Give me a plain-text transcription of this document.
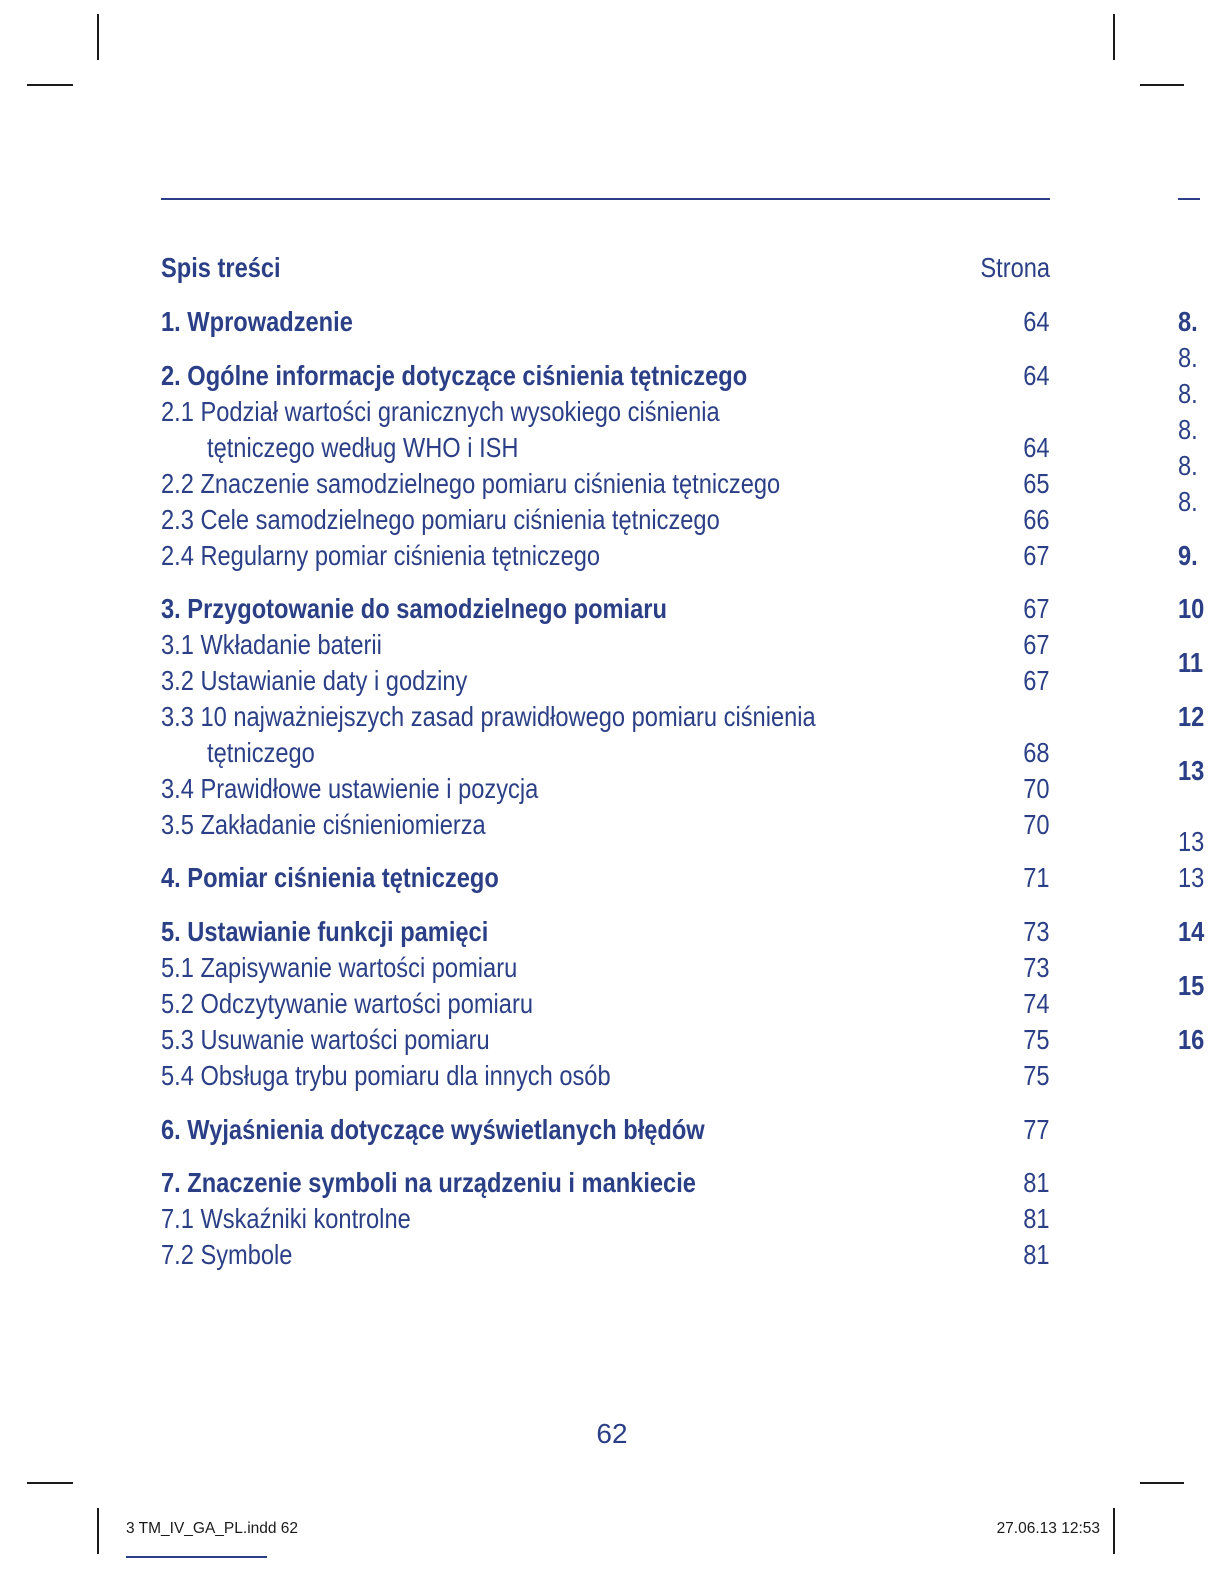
Spis treści	Strona
1. Wprowadzenie	64
2. Ogólne informacje dotyczące ciśnienia tętniczego	64
2.1 Podział wartości granicznych wysokiego ciśnienia
tętniczego według WHO i ISH	64
2.2 Znaczenie samodzielnego pomiaru ciśnienia tętniczego	65
2.3 Cele samodzielnego pomiaru ciśnienia tętniczego	66
2.4 Regularny pomiar ciśnienia tętniczego	67
3. Przygotowanie do samodzielnego pomiaru	67
3.1 Wkładanie baterii	67
3.2 Ustawianie daty i godziny	67
3.3 10 najważniejszych zasad prawidłowego pomiaru ciśnienia
tętniczego	68
3.4 Prawidłowe ustawienie i pozycja	70
3.5 Zakładanie ciśnieniomierza	70
4. Pomiar ciśnienia tętniczego	71
5. Ustawianie funkcji pamięci	73
5.1 Zapisywanie wartości pomiaru	73
5.2 Odczytywanie wartości pomiaru	74
5.3 Usuwanie wartości pomiaru	75
5.4 Obsługa trybu pomiaru dla innych osób	75
6. Wyjaśnienia dotyczące wyświetlanych błędów	77
7. Znaczenie symboli na urządzeniu i mankiecie	81
7.1 Wskaźniki kontrolne	81
7.2 Symbole	81
8.
8.
8.
8.
8.
8.
9.
10
11
12
13
13
13
14
15
16
62
3 TM_IV_GA_PL.indd 62	27.06.13 12:53
